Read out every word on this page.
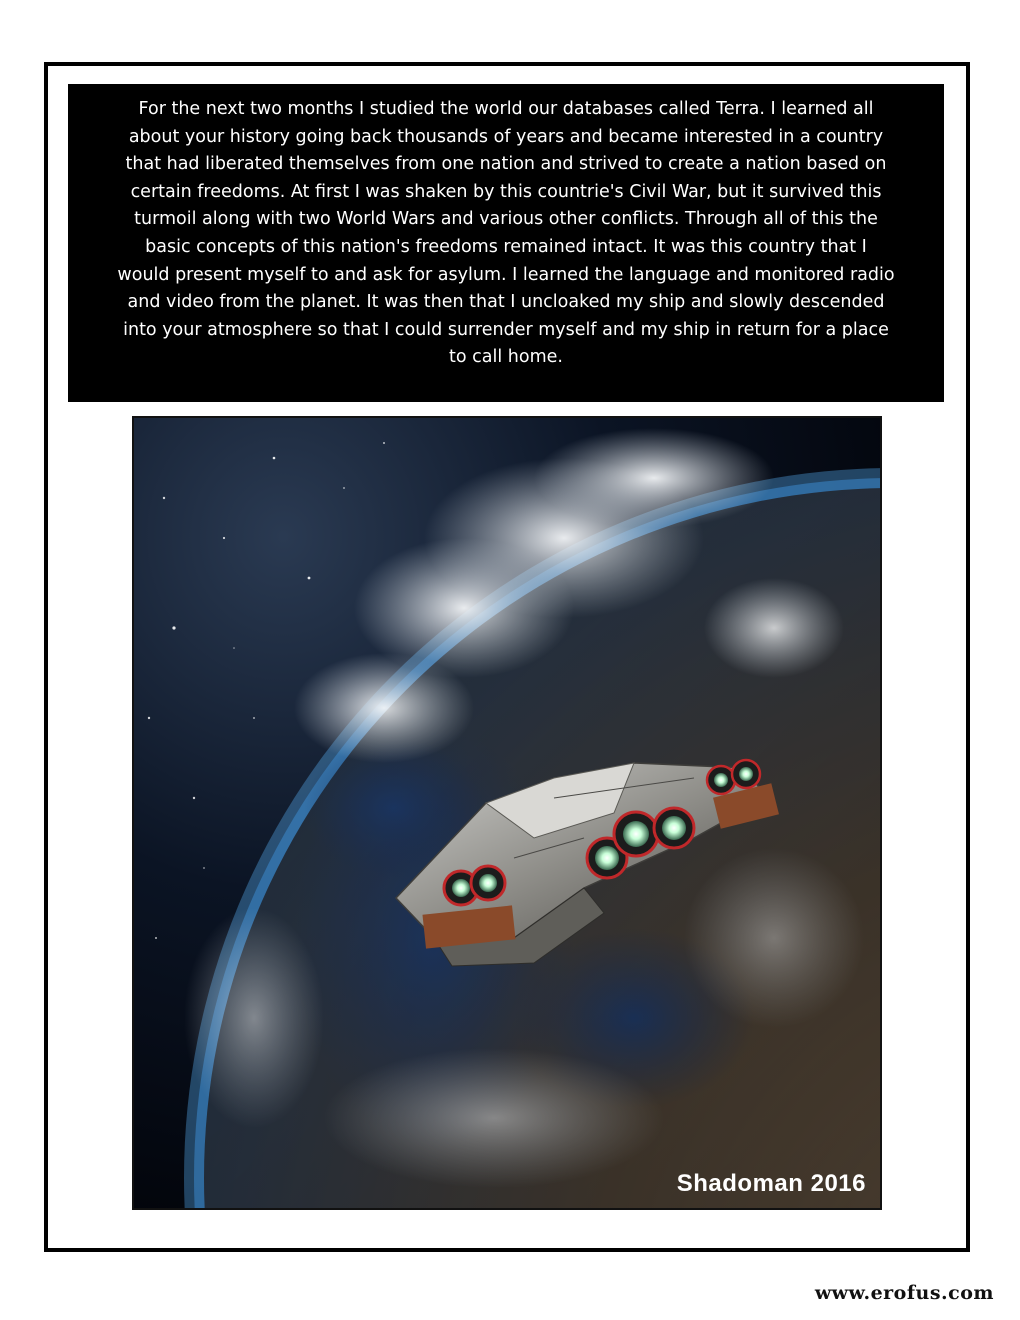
For the next two months I studied the world our databases called Terra. I learned all
about your history going back thousands of years and became interested in a country
that had liberated themselves from one nation and strived to create a nation based on
certain freedoms. At first I was shaken by this countrie's Civil War, but it survived this
turmoil along with two World Wars and various other conflicts. Through all of this the
basic concepts of this nation's freedoms remained intact. It was this country that I
would present myself to and ask for asylum. I learned the language and monitored radio
and video from the planet. It was then that I uncloaked my ship and slowly descended
into your atmosphere so that I could surrender myself and my ship in return for a place
to call home.
Shadoman 2016
www.erofus.com
